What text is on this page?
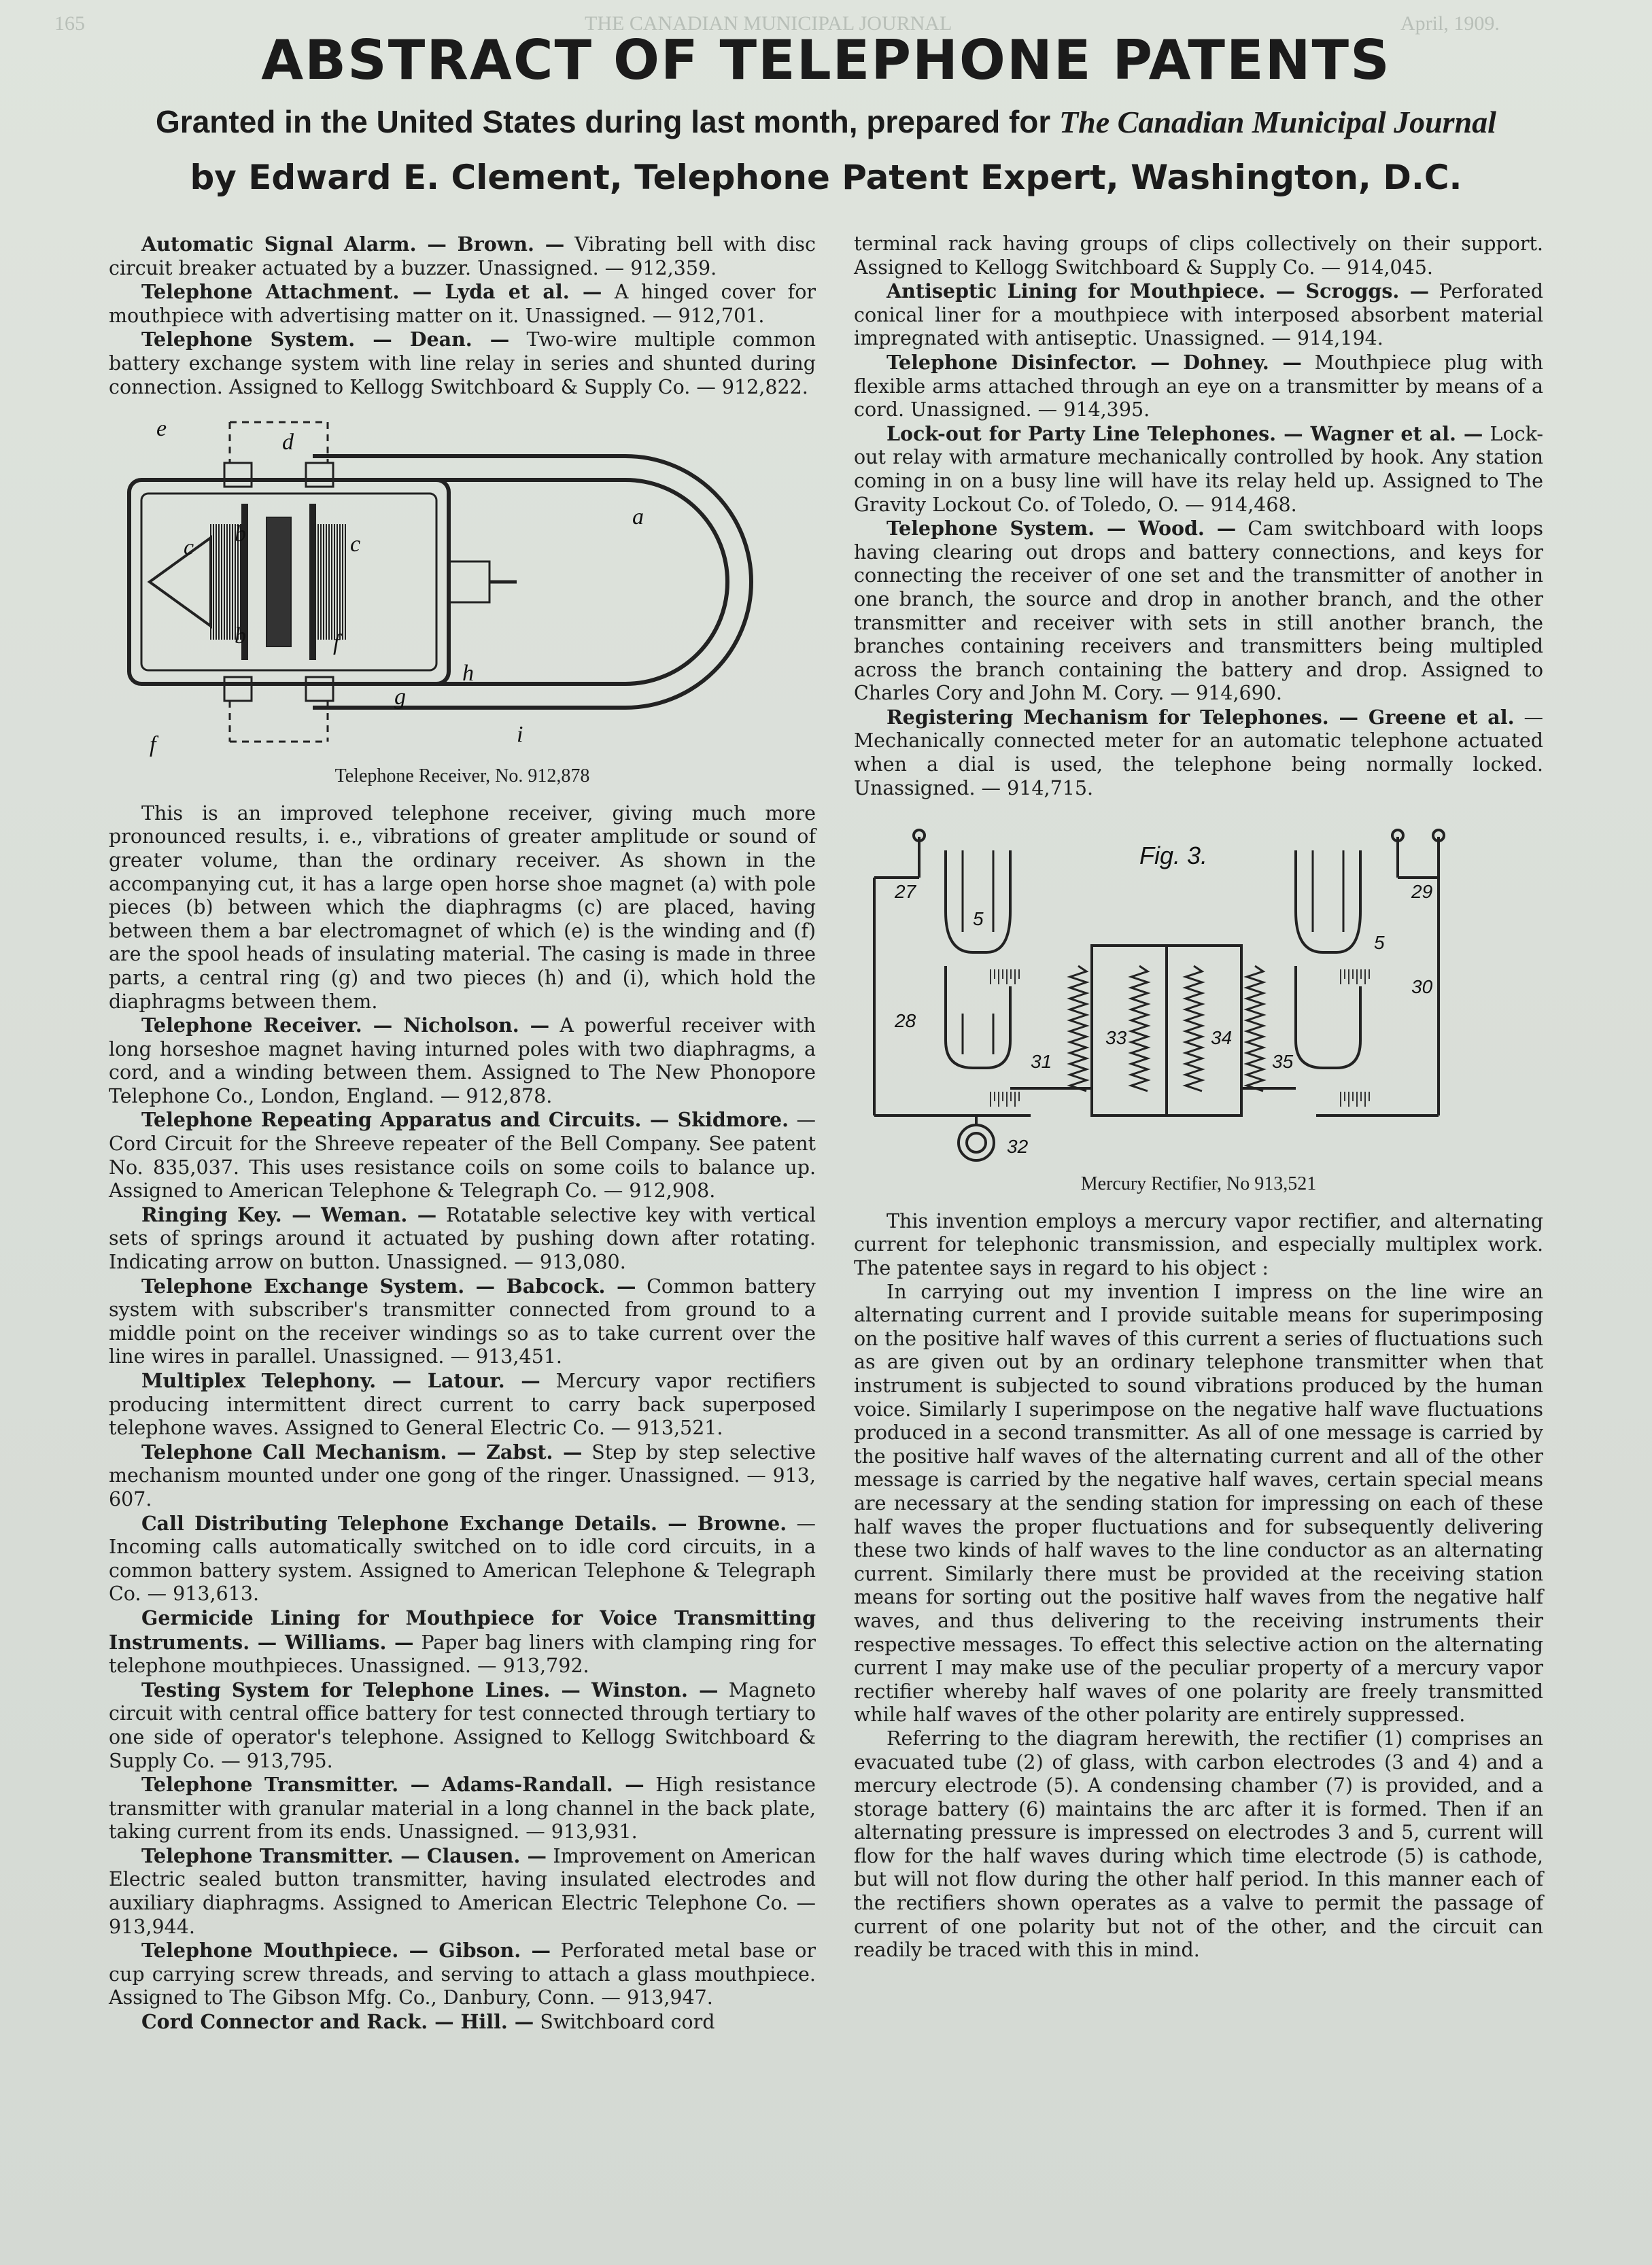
165	THE CANADIAN MUNICIPAL JOURNAL	April, 1909.
ABSTRACT OF TELEPHONE PATENTS
Granted in the United States during last month, prepared for The Canadian Municipal Journal
by Edward E. Clement, Telephone Patent Expert, Washington, D.C.

Automatic Signal Alarm. — Brown. — Vibrating bell with disc circuit breaker actuated by a buzzer. Unassigned. — 912,359.

Telephone Attachment. — Lyda et al. — A hinged cover for mouthpiece with advertising matter on it. Unassigned. — 912,701.

Telephone System. — Dean. — Two-wire multiple common battery exchange system with line relay in series and shunted during connection. Assigned to Kellogg Switchboard & Supply Co. — 912,822.

e
a
b
b
c	c
d
f
f
g
h
i
Telephone Receiver, No. 912,878

This is an improved telephone receiver, giving much more pronounced results, i. e., vibrations of greater amplitude or sound of greater volume, than the ordinary receiver. As shown in the accompanying cut, it has a large open horse shoe magnet (a) with pole pieces (b) between which the diaphragms (c) are placed, having between them a bar electromagnet of which (e) is the winding and (f) are the spool heads of insulating material. The casing is made in three parts, a central ring (g) and two pieces (h) and (i), which hold the diaphragms between them.

Telephone Receiver. — Nicholson. — A powerful receiver with long horseshoe magnet having inturned poles with two diaphragms, a cord, and a winding between them. Assigned to The New Phonopore Telephone Co., London, England. — 912,878.

Telephone Repeating Apparatus and Circuits. — Skidmore. — Cord Circuit for the Shreeve repeater of the Bell Company. See patent No. 835,037. This uses resistance coils on some coils to balance up. Assigned to American Telephone & Telegraph Co. — 912,908.

Ringing Key. — Weman. — Rotatable selective key with vertical sets of springs around it actuated by pushing down after rotating. Indicating arrow on button. Unassigned. — 913,080.

Telephone Exchange System. — Babcock. — Common battery system with subscriber's transmitter connected from ground to a middle point on the receiver windings so as to take current over the line wires in parallel. Unassigned. — 913,451.

Multiplex Telephony. — Latour. — Mercury vapor rectifiers producing intermittent direct current to carry back superposed telephone waves. Assigned to General Electric Co. — 913,521.

Telephone Call Mechanism. — Zabst. — Step by step selective mechanism mounted under one gong of the ringer. Unassigned. — 913, 607.

Call Distributing Telephone Exchange Details. — Browne. — Incoming calls automatically switched on to idle cord circuits, in a common battery system. Assigned to American Telephone & Telegraph Co. — 913,613.

Germicide Lining for Mouthpiece for Voice Transmitting Instruments. — Williams. — Paper bag liners with clamping ring for telephone mouthpieces. Unassigned. — 913,792.

Testing System for Telephone Lines. — Winston. — Magneto circuit with central office battery for test connected through tertiary to one side of operator's telephone. Assigned to Kellogg Switchboard & Supply Co. — 913,795.

Telephone Transmitter. — Adams-Randall. — High resistance transmitter with granular material in a long channel in the back plate, taking current from its ends. Unassigned. — 913,931.

Telephone Transmitter. — Clausen. — Improvement on American Electric sealed button transmitter, having insulated electrodes and auxiliary diaphragms. Assigned to American Electric Telephone Co. — 913,944.

Telephone Mouthpiece. — Gibson. — Perforated metal base or cup carrying screw threads, and serving to attach a glass mouthpiece. Assigned to The Gibson Mfg. Co., Danbury, Conn. — 913,947.

Cord Connector and Rack. — Hill. — Switchboard cord

terminal rack having groups of clips collectively on their support. Assigned to Kellogg Switchboard & Supply Co. — 914,045.

Antiseptic Lining for Mouthpiece. — Scroggs. — Perforated conical liner for a mouthpiece with interposed absorbent material impregnated with antiseptic. Unassigned. — 914,194.

Telephone Disinfector. — Dohney. — Mouthpiece plug with flexible arms attached through an eye on a transmitter by means of a cord. Unassigned. — 914,395.

Lock-out for Party Line Telephones. — Wagner et al. — Lock-out relay with armature mechanically controlled by hook. Any station coming in on a busy line will have its relay held up. Assigned to The Gravity Lockout Co. of Toledo, O. — 914,468.

Telephone System. — Wood. — Cam switchboard with loops having clearing out drops and battery connections, and keys for connecting the receiver of one set and the transmitter of another in one branch, the source and drop in another branch, and the other transmitter and receiver with sets in still another branch, the branches containing receivers and transmitters being multipled across the branch containing the battery and drop. Assigned to Charles Cory and John M. Cory. — 914,690.

Registering Mechanism for Telephones. — Greene et al. — Mechanically connected meter for an automatic telephone actuated when a dial is used, the telephone being normally locked. Unassigned. — 914,715.

Fig. 3.
27
28
29
30
31
32
33	34
35
5
5
Mercury Rectifier, No 913,521

This invention employs a mercury vapor rectifier, and alternating current for telephonic transmission, and especially multiplex work. The patentee says in regard to his object :

In carrying out my invention I impress on the line wire an alternating current and I provide suitable means for superimposing on the positive half waves of this current a series of fluctuations such as are given out by an ordinary telephone transmitter when that instrument is subjected to sound vibrations produced by the human voice. Similarly I superimpose on the negative half wave fluctuations produced in a second transmitter. As all of one message is carried by the positive half waves of the alternating current and all of the other message is carried by the negative half waves, certain special means are necessary at the sending station for impressing on each of these half waves the proper fluctuations and for subsequently delivering these two kinds of half waves to the line conductor as an alternating current. Similarly there must be provided at the receiving station means for sorting out the positive half waves from the negative half waves, and thus delivering to the receiving instruments their respective messages. To effect this selective action on the alternating current I may make use of the peculiar property of a mercury vapor rectifier whereby half waves of one polarity are freely transmitted while half waves of the other polarity are entirely suppressed.

Referring to the diagram herewith, the rectifier (1) comprises an evacuated tube (2) of glass, with carbon electrodes (3 and 4) and a mercury electrode (5). A condensing chamber (7) is provided, and a storage battery (6) maintains the arc after it is formed. Then if an alternating pressure is impressed on electrodes 3 and 5, current will flow for the half waves during which time electrode (5) is cathode, but will not flow during the other half period. In this manner each of the rectifiers shown operates as a valve to permit the passage of current of one polarity but not of the other, and the circuit can readily be traced with this in mind.
